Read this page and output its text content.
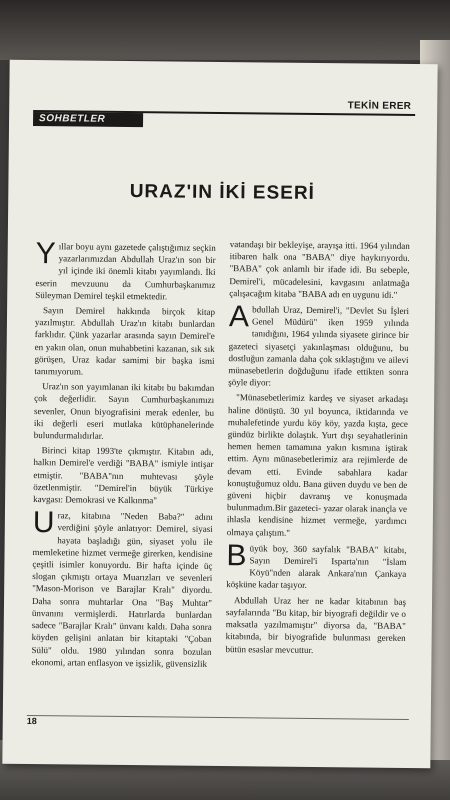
TEKİN ERER
SOHBETLER
URAZ'IN İKİ ESERİ

Y ıllar boyu aynı gazetede çalıştığımız seçkin yazarlarımızdan Abdullah Uraz'ın son bir yıl içinde iki önemli kitabı yayımlandı. İki eserin mevzuunu da Cumhurbaşkanımız Süleyman Demirel teşkil etmektedir.

Sayın Demirel hakkında birçok kitap yazılmıştır. Abdullah Uraz'ın kitabı bunlardan farklıdır. Çünk yazarlar arasında sayın Demirel'e en yakın olan, onun muhabbetini kazanan, sık sık görüşen, Uraz kadar samimi bir başka ismi tanımıyorum.

Uraz'ın son yayımlanan iki kitabı bu bakımdan çok değerlidir. Sayın Cumhurbaşkanımızı sevenler, Onun biyografisini merak edenler, bu iki değerli eseri mutlaka kütüphanelerinde bulundurmalıdırlar.

Birinci kitap 1993'te çıkmıştır. Kitabın adı, halkın Demirel'e verdiği "BABA" ismiyle intişar etmiştir. "BABA"nın muhtevası şöyle özetlenmiştir. "Demirel'in büyük Türkiye kavgası: Demokrasi ve Kalkınma"

U raz, kitabına "Neden Baba?" adını verdiğini şöyle anlatıyor: Demirel, siyasi hayata başladığı gün, siyaset yolu ile memleketine hizmet vermeğe girerken, kendisine çeşitli isimler konuyordu. Bir hafta içinde üç slogan çıkmıştı ortaya Muarızları ve sevenleri "Mason-Morison ve Barajlar Kralı" diyordu. Daha sonra muhtarlar Ona "Baş Muhtar" ünvanını vermişlerdi. Hatırlarda bunlardan sadece "Barajlar Kralı" ünvanı kaldı. Daha sonra köyden gelişini anlatan bir kitaptaki "Çoban Sülü" oldu. 1980 yılından sonra bozulan ekonomi, artan enflasyon ve işsizlik, güvensizlik

vatandaşı bir bekleyişe, arayışa itti. 1964 yılından itibaren halk ona "BABA" diye haykırıyordu. "BABA" çok anlamlı bir ifade idi. Bu sebeple, Demirel'i, mücadelesini, kavgasını anlatmağa çalışacağım kitaba "BABA adı en uygunu idi."

A bdullah Uraz, Demirel'i, "Devlet Su İşleri Genel Müdürü" iken 1959 yılında tanıdığını, 1964 yılında siyasete girince bir gazeteci siyasetçi yakınlaşması olduğunu, bu dostluğun zamanla daha çok sıklaştığını ve ailevi münasebetlerin doğduğunu ifade ettikten sonra şöyle diyor:

"Münasebetlerimiz kardeş ve siyaset arkadaşı haline dönüştü. 30 yıl boyunca, iktidarında ve muhalefetinde yurdu köy köy, yazda kışta, gece gündüz birlikte dolaştık. Yurt dışı seyahatlerinin hemen hemen tamamına yakın kısmına iştirak ettim. Aynı münasebetlerimiz ara rejimlerde de devam etti. Evinde sabahlara kadar konuştuğumuz oldu. Bana güven duydu ve ben de güveni hiçbir davranış ve konuşmada bulunmadım.Bir gazeteci- yazar olarak inançla ve ihlasla kendisine hizmet vermeğe, yardımcı olmaya çalıştım."

B üyük boy, 360 sayfalık "BABA" kitabı, Sayın Demirel'i Isparta'nın "İslam Köyü"nden alarak Ankara'nın Çankaya köşküne kadar taşıyor.

Abdullah Uraz her ne kadar kitabının baş sayfalarında "Bu kitap, bir biyografi değildir ve o maksatla yazılmamıştır" diyorsa da, "BABA" kitabında, bir biyografide bulunması gereken bütün esaslar mevcuttur.

18
